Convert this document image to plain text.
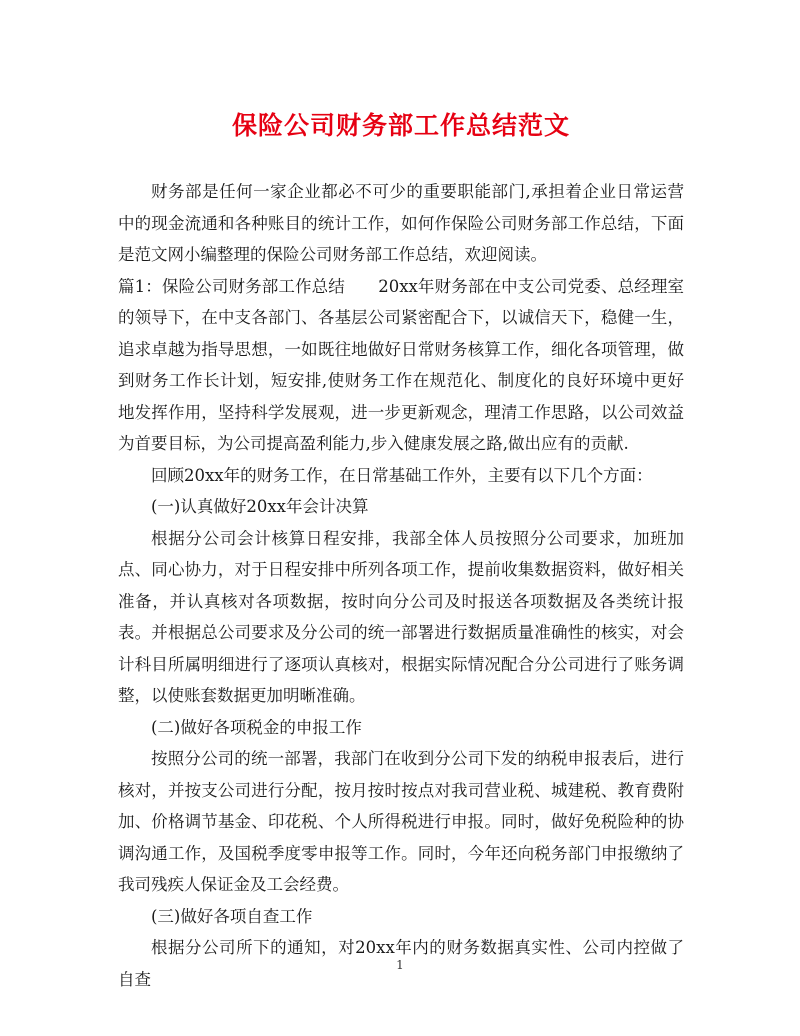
保险公司财务部工作总结范文

财务部是任何一家企业都必不可少的重要职能部门,承担着企业日常运营中的现金流通和各种账目的统计工作，如何作保险公司财务部工作总结，下面是范文网小编整理的保险公司财务部工作总结，欢迎阅读。

篇1：保险公司财务部工作总结　　20xx年财务部在中支公司党委、总经理室的领导下，在中支各部门、各基层公司紧密配合下，以诚信天下，稳健一生，追求卓越为指导思想，一如既往地做好日常财务核算工作，细化各项管理，做到财务工作长计划，短安排,使财务工作在规范化、制度化的良好环境中更好地发挥作用，坚持科学发展观，进一步更新观念，理清工作思路，以公司效益为首要目标，为公司提高盈利能力,步入健康发展之路,做出应有的贡献.

回顾20xx年的财务工作，在日常基础工作外，主要有以下几个方面：

(一)认真做好20xx年会计决算

根据分公司会计核算日程安排，我部全体人员按照分公司要求，加班加点、同心协力，对于日程安排中所列各项工作，提前收集数据资料，做好相关准备，并认真核对各项数据，按时向分公司及时报送各项数据及各类统计报表。并根据总公司要求及分公司的统一部署进行数据质量准确性的核实，对会计科目所属明细进行了逐项认真核对，根据实际情况配合分公司进行了账务调整，以使账套数据更加明晰准确。

(二)做好各项税金的申报工作

按照分公司的统一部署，我部门在收到分公司下发的纳税申报表后，进行核对，并按支公司进行分配，按月按时按点对我司营业税、城建税、教育费附加、价格调节基金、印花税、个人所得税进行申报。同时，做好免税险种的协调沟通工作，及国税季度零申报等工作。同时，今年还向税务部门申报缴纳了我司残疾人保证金及工会经费。

(三)做好各项自查工作

根据分公司所下的通知，对20xx年内的财务数据真实性、公司内控做了自查

1
